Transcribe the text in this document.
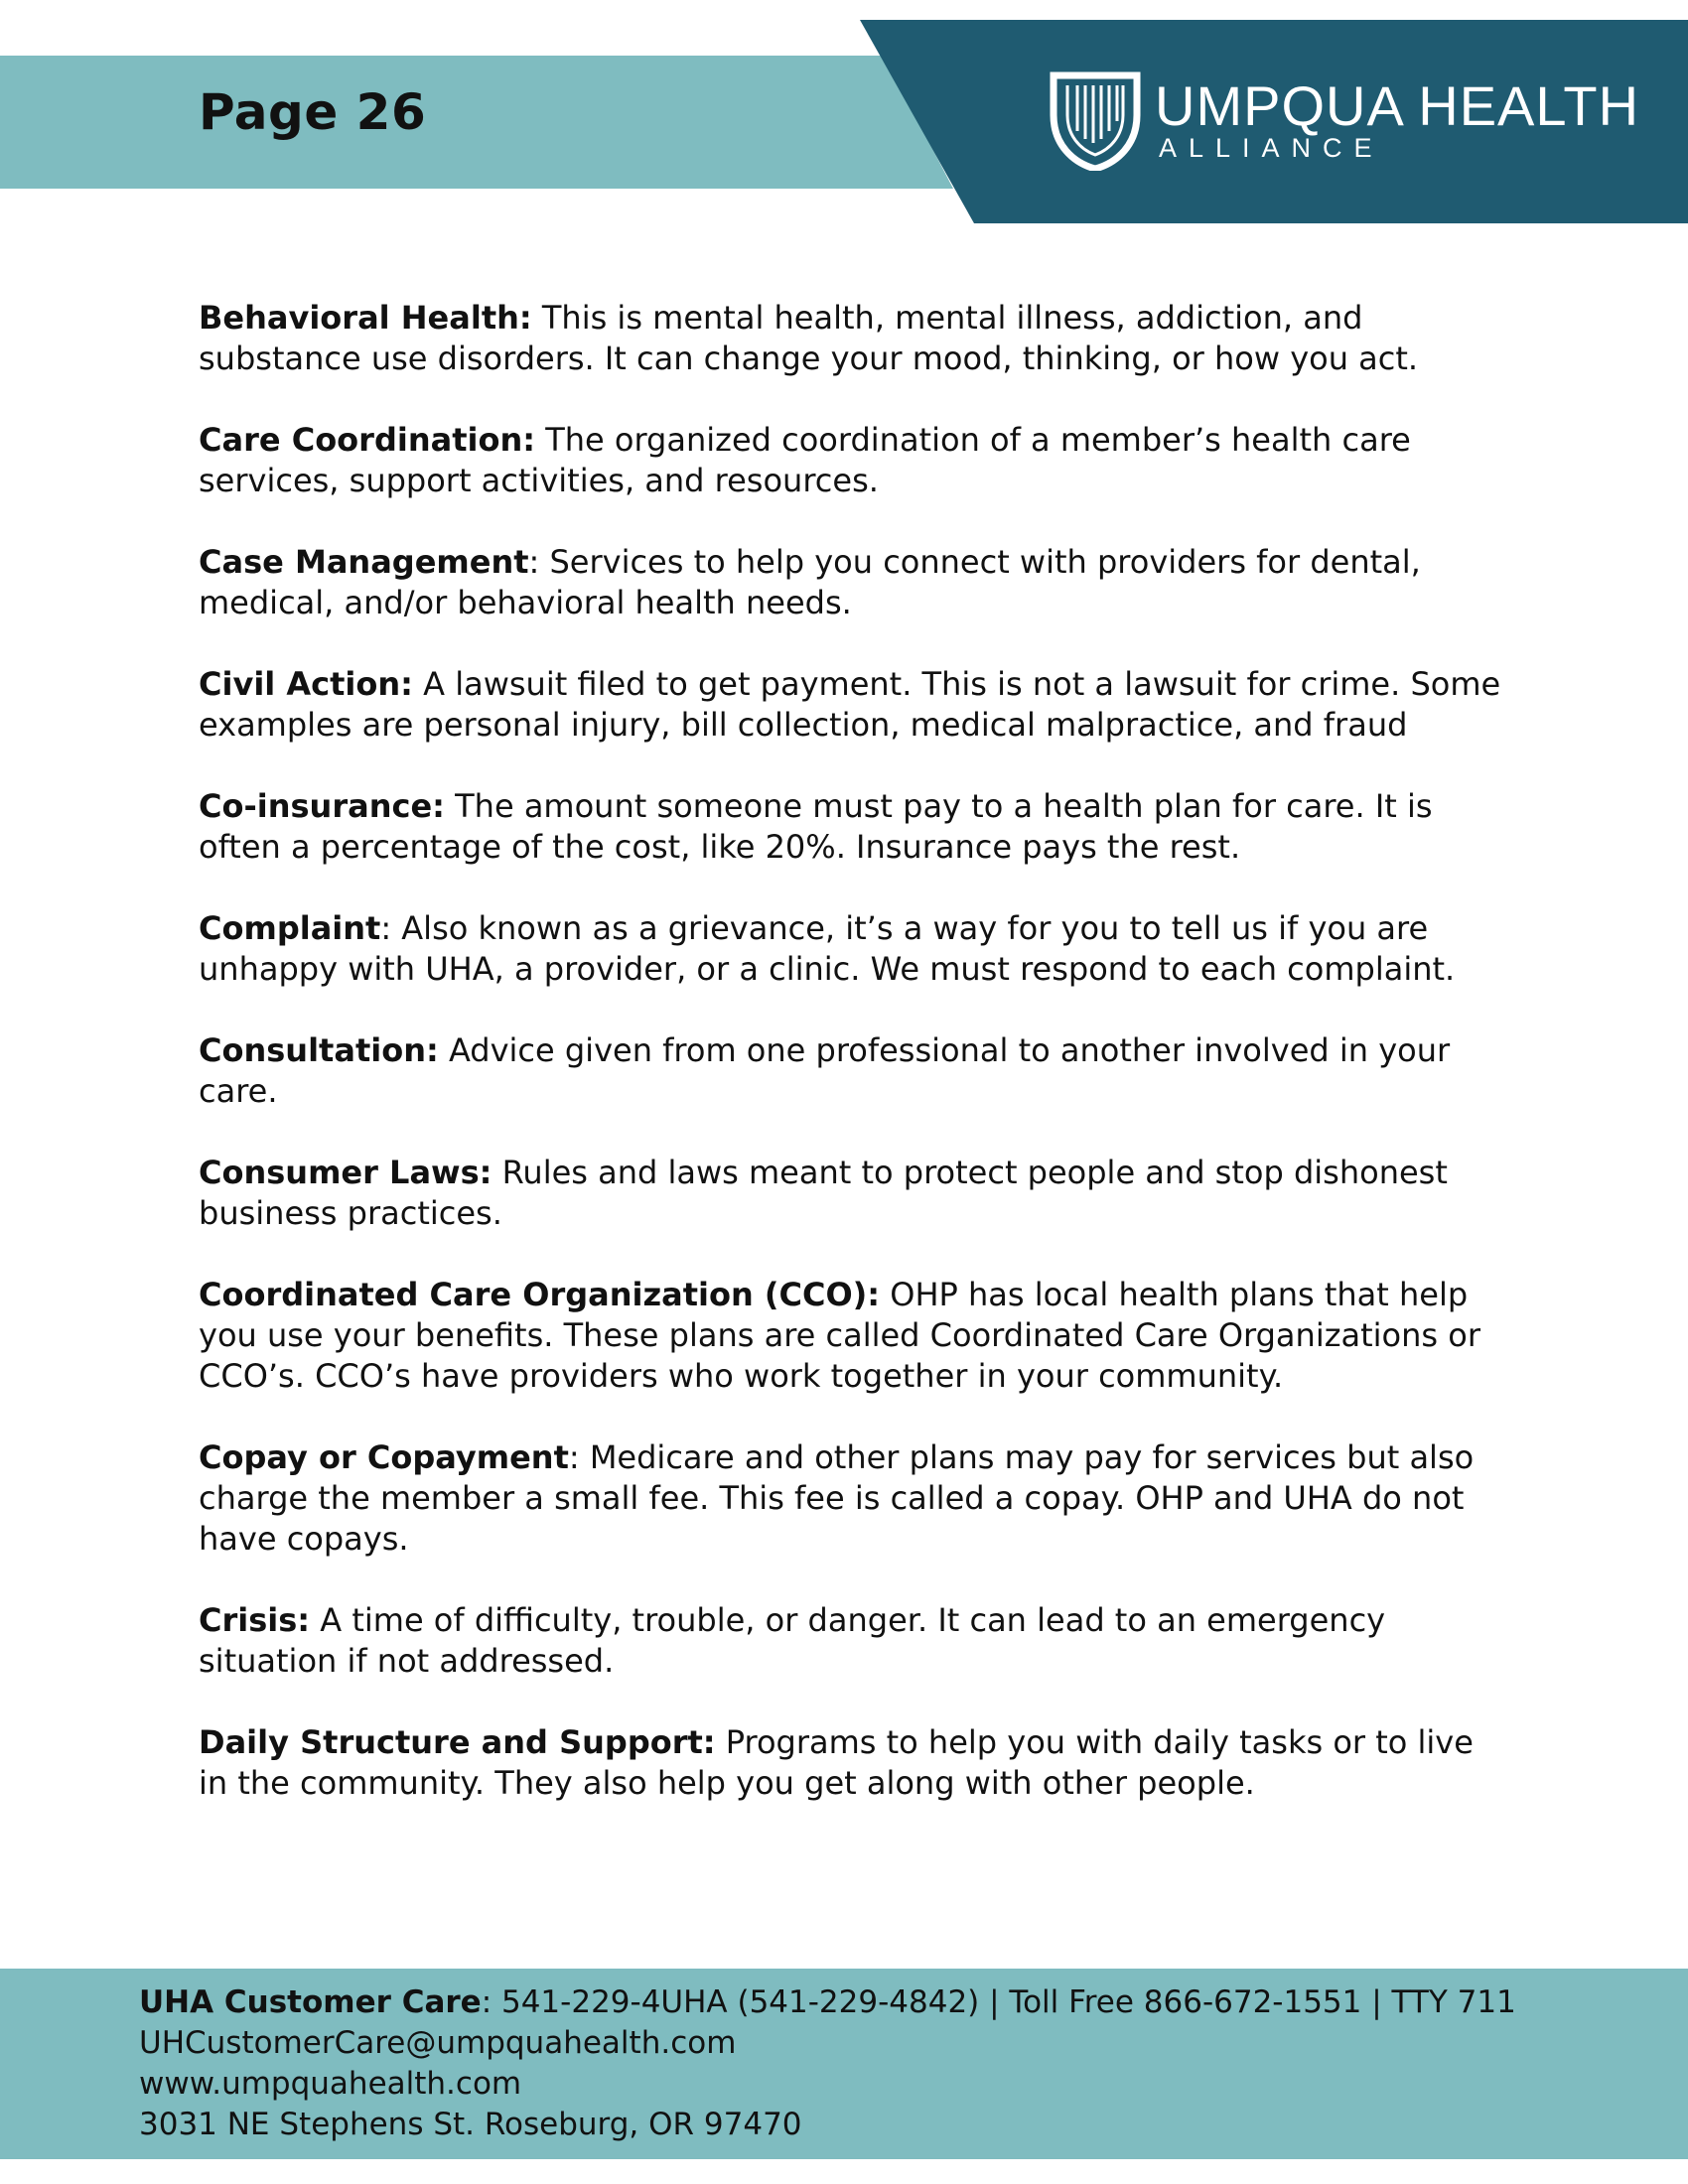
Page 26	UMPQUA HEALTH
ALLIANCE

Behavioral Health: This is mental health, mental illness, addiction, and substance use disorders. It can change your mood, thinking, or how you act.

Care Coordination: The organized coordination of a member’s health care services, support activities, and resources.

Case Management: Services to help you connect with providers for dental, medical, and/or behavioral health needs.

Civil Action: A lawsuit filed to get payment. This is not a lawsuit for crime. Some examples are personal injury, bill collection, medical malpractice, and fraud

Co-insurance: The amount someone must pay to a health plan for care. It is often a percentage of the cost, like 20%. Insurance pays the rest.

Complaint: Also known as a grievance, it’s a way for you to tell us if you are unhappy with UHA, a provider, or a clinic. We must respond to each complaint.

Consultation: Advice given from one professional to another involved in your care.

Consumer Laws: Rules and laws meant to protect people and stop dishonest business practices.

Coordinated Care Organization (CCO): OHP has local health plans that help you use your benefits. These plans are called Coordinated Care Organizations or CCO’s. CCO’s have providers who work together in your community.

Copay or Copayment: Medicare and other plans may pay for services but also charge the member a small fee. This fee is called a copay. OHP and UHA do not have copays.

Crisis: A time of difficulty, trouble, or danger. It can lead to an emergency situation if not addressed.

Daily Structure and Support: Programs to help you with daily tasks or to live in the community. They also help you get along with other people.

UHA Customer Care: 541-229-4UHA (541-229-4842) | Toll Free 866-672-1551 | TTY 711
UHCustomerCare@umpquahealth.com
www.umpquahealth.com
3031 NE Stephens St. Roseburg, OR 97470
